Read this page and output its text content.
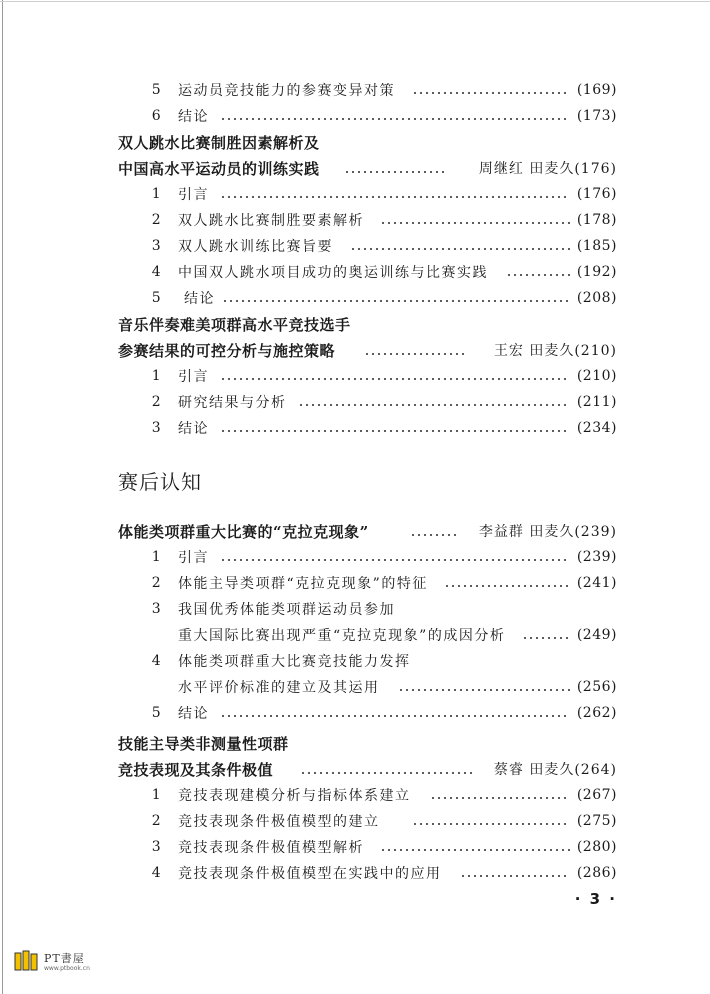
5 运动员竞技能力的参赛变异对策	(169)
6 结论	(173)
双人跳水比赛制胜因素解析及
中国高水平运动员的训练实践	周继红 田麦久(176)
1 引言	(176)
2 双人跳水比赛制胜要素解析	(178)
3 双人跳水训练比赛旨要	(185)
4 中国双人跳水项目成功的奥运训练与比赛实践	(192)
5 结论	(208)
音乐伴奏难美项群高水平竞技选手
参赛结果的可控分析与施控策略	王宏 田麦久(210)
1 引言	(210)
2 研究结果与分析	(211)
3 结论	(234)
赛后认知
体能类项群重大比赛的“克拉克现象”	李益群 田麦久(239)
1 引言	(239)
2 体能主导类项群“克拉克现象”的特征	(241)
3 我国优秀体能类项群运动员参加
重大国际比赛出现严重“克拉克现象”的成因分析	(249)
4 体能类项群重大比赛竞技能力发挥
水平评价标准的建立及其运用	(256)
5 结论	(262)
技能主导类非测量性项群
竞技表现及其条件极值	蔡睿 田麦久(264)
1 竞技表现建模分析与指标体系建立	(267)
2 竞技表现条件极值模型的建立	(275)
3 竞技表现条件极值模型解析	(280)
4 竞技表现条件极值模型在实践中的应用	(286)
· 3 ·
PT書屋
www.ptbook.cn
